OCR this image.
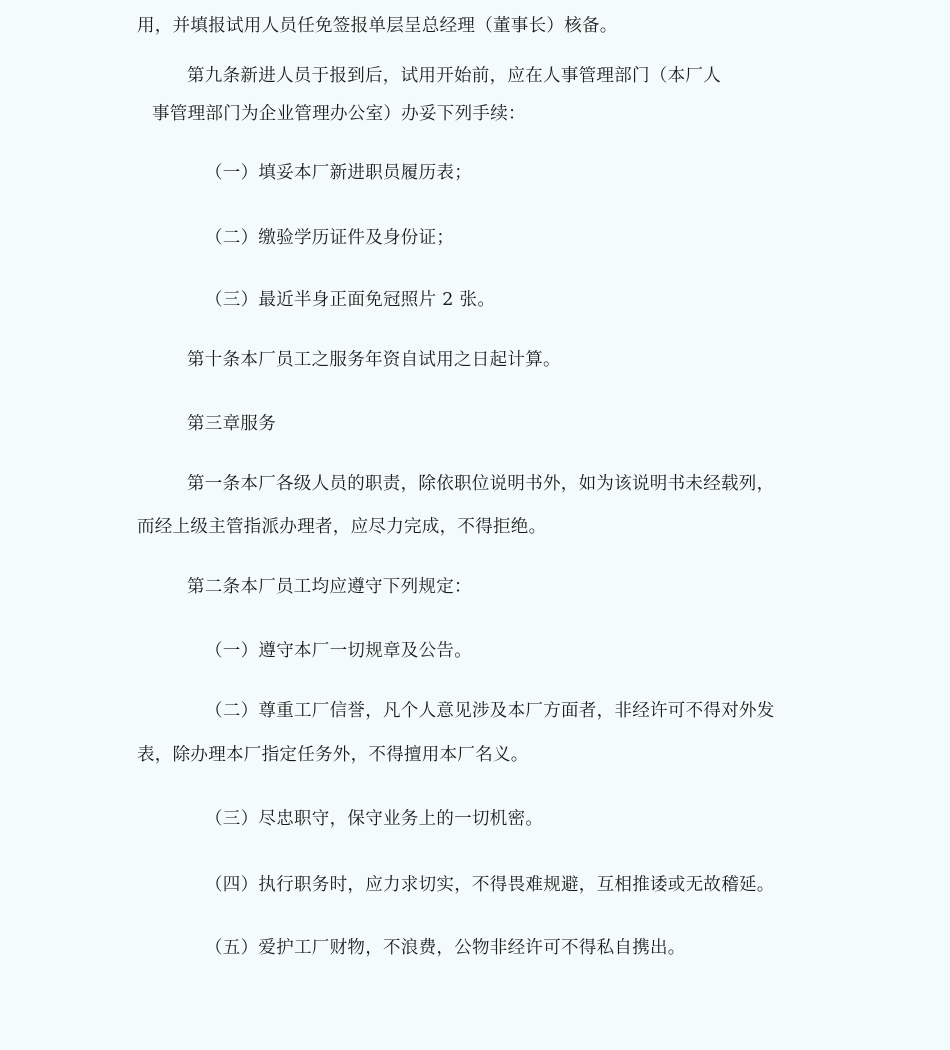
用，并填报试用人员任免签报单层呈总经理（董事长）核备。
第九条新进人员于报到后，试用开始前，应在人事管理部门（本厂人
事管理部门为企业管理办公室）办妥下列手续：
（一）填妥本厂新进职员履历表；
（二）缴验学历证件及身份证；
（三）最近半身正面免冠照片 2 张。
第十条本厂员工之服务年资自试用之日起计算。
第三章服务
第一条本厂各级人员的职责，除依职位说明书外，如为该说明书未经载列，
而经上级主管指派办理者，应尽力完成，不得拒绝。
第二条本厂员工均应遵守下列规定：
（一）遵守本厂一切规章及公告。
（二）尊重工厂信誉，凡个人意见涉及本厂方面者，非经许可不得对外发
表，除办理本厂指定任务外，不得擅用本厂名义。
（三）尽忠职守，保守业务上的一切机密。
（四）执行职务时，应力求切实，不得畏难规避，互相推诿或无故稽延。
（五）爱护工厂财物，不浪费，公物非经许可不得私自携出。
